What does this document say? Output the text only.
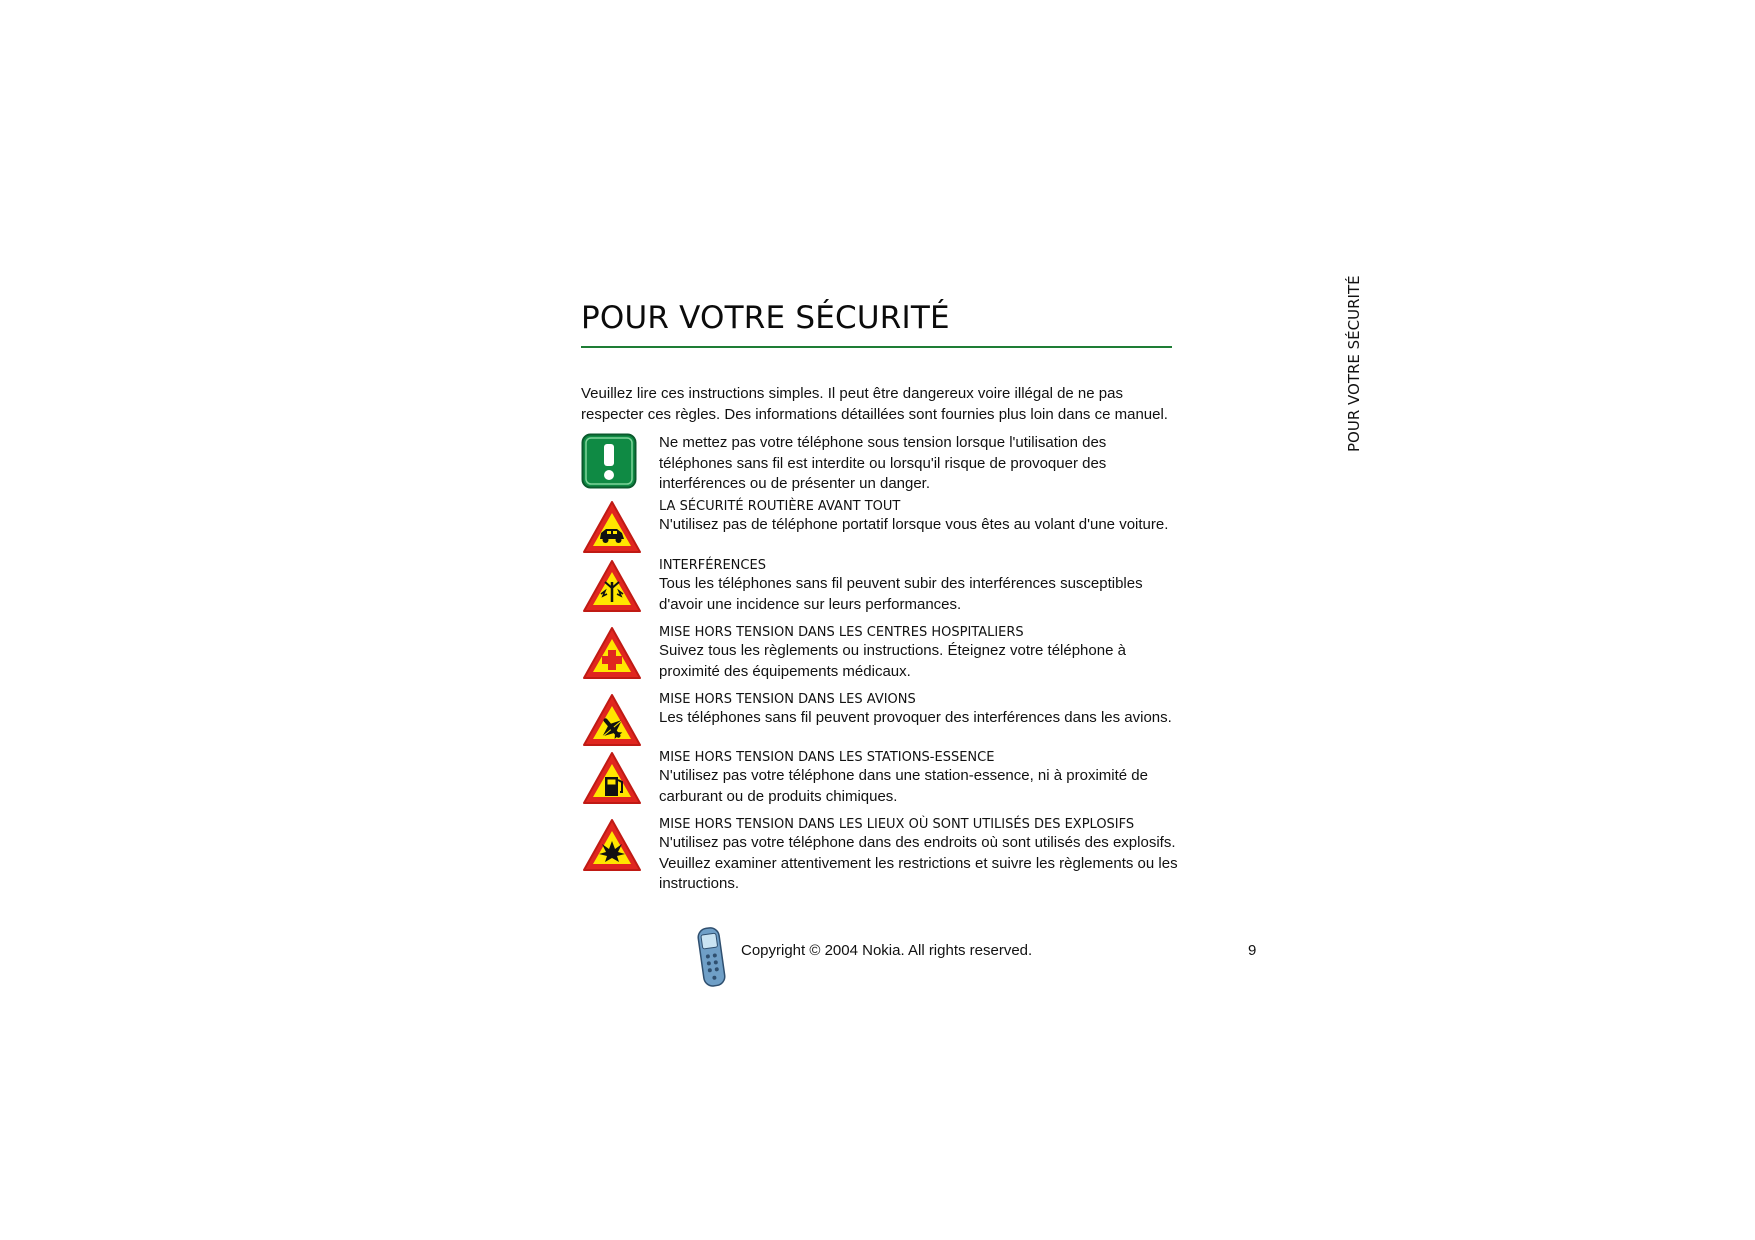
POUR VOTRE SÉCURITÉ	POUR VOTRE SÉCURITÉ

Veuillez lire ces instructions simples. Il peut être dangereux voire illégal de ne pas respecter ces règles. Des informations détaillées sont fournies plus loin dans ce manuel.

Ne mettez pas votre téléphone sous tension lorsque l'utilisation des téléphones sans fil est interdite ou lorsqu'il risque de provoquer des interférences ou de présenter un danger.
LA SÉCURITÉ ROUTIÈRE AVANT TOUT
N'utilisez pas de téléphone portatif lorsque vous êtes au volant d'une voiture.
INTERFÉRENCES
Tous les téléphones sans fil peuvent subir des interférences susceptibles d'avoir une incidence sur leurs performances.
MISE HORS TENSION DANS LES CENTRES HOSPITALIERS
Suivez tous les règlements ou instructions. Éteignez votre téléphone à proximité des équipements médicaux.
MISE HORS TENSION DANS LES AVIONS
Les téléphones sans fil peuvent provoquer des interférences dans les avions.
MISE HORS TENSION DANS LES STATIONS-ESSENCE
N'utilisez pas votre téléphone dans une station-essence, ni à proximité de carburant ou de produits chimiques.
MISE HORS TENSION DANS LES LIEUX OÙ SONT UTILISÉS DES EXPLOSIFS
N'utilisez pas votre téléphone dans des endroits où sont utilisés des explosifs. Veuillez examiner attentivement les restrictions et suivre les règlements ou les instructions.
Copyright © 2004 Nokia. All rights reserved.	9
